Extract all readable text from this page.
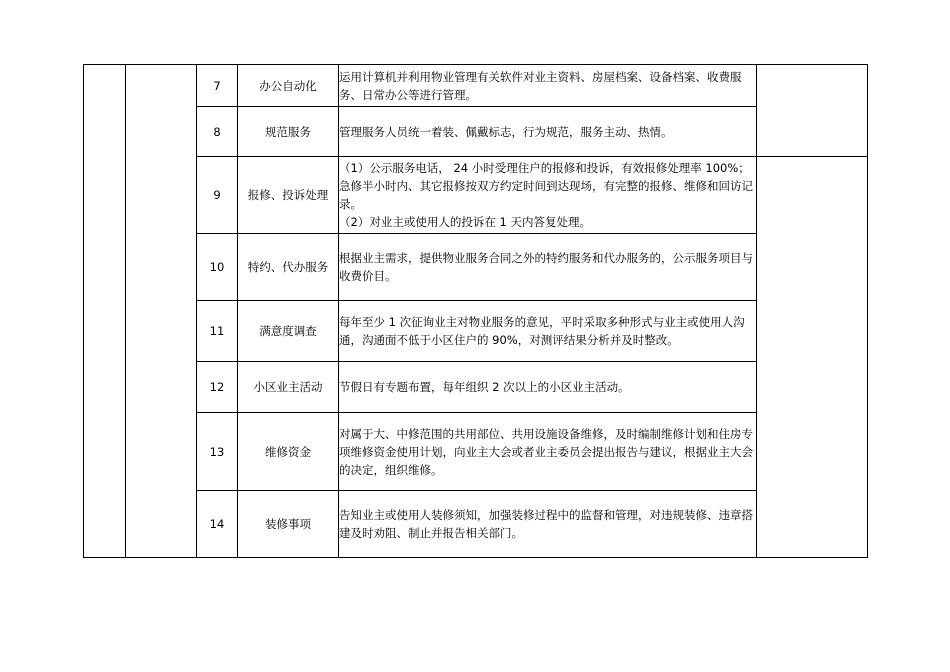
		7	办公自动化	运用计算机并利用物业管理有关软件对业主资料、房屋档案、设备档案、收费服务、日常办公等进行管理。	

		8	规范服务	管理服务人员统一着装、佩戴标志，行为规范，服务主动、热情。	

		9	报修、投诉处理	（1）公示服务电话， 24 小时受理住户的报修和投诉，有效报修处理率 100%；急修半小时内、其它报修按双方约定时间到达现场，有完整的报修、维修和回访记录。
（2）对业主或使用人的投诉在 1 天内答复处理。	

		10	特约、代办服务	根据业主需求，提供物业服务合同之外的特约服务和代办服务的，公示服务项目与收费价目。	

		11	满意度调查	每年至少 1 次征询业主对物业服务的意见，平时采取多种形式与业主或使用人沟通，沟通面不低于小区住户的 90%，对测评结果分析并及时整改。	

		12	小区业主活动	节假日有专题布置，每年组织 2 次以上的小区业主活动。	

		13	维修资金	对属于大、中修范围的共用部位、共用设施设备维修，及时编制维修计划和住房专项维修资金使用计划，向业主大会或者业主委员会提出报告与建议，根据业主大会的决定，组织维修。	

		14	装修事项	告知业主或使用人装修须知，加强装修过程中的监督和管理，对违规装修、违章搭建及时劝阻、制止并报告相关部门。	
